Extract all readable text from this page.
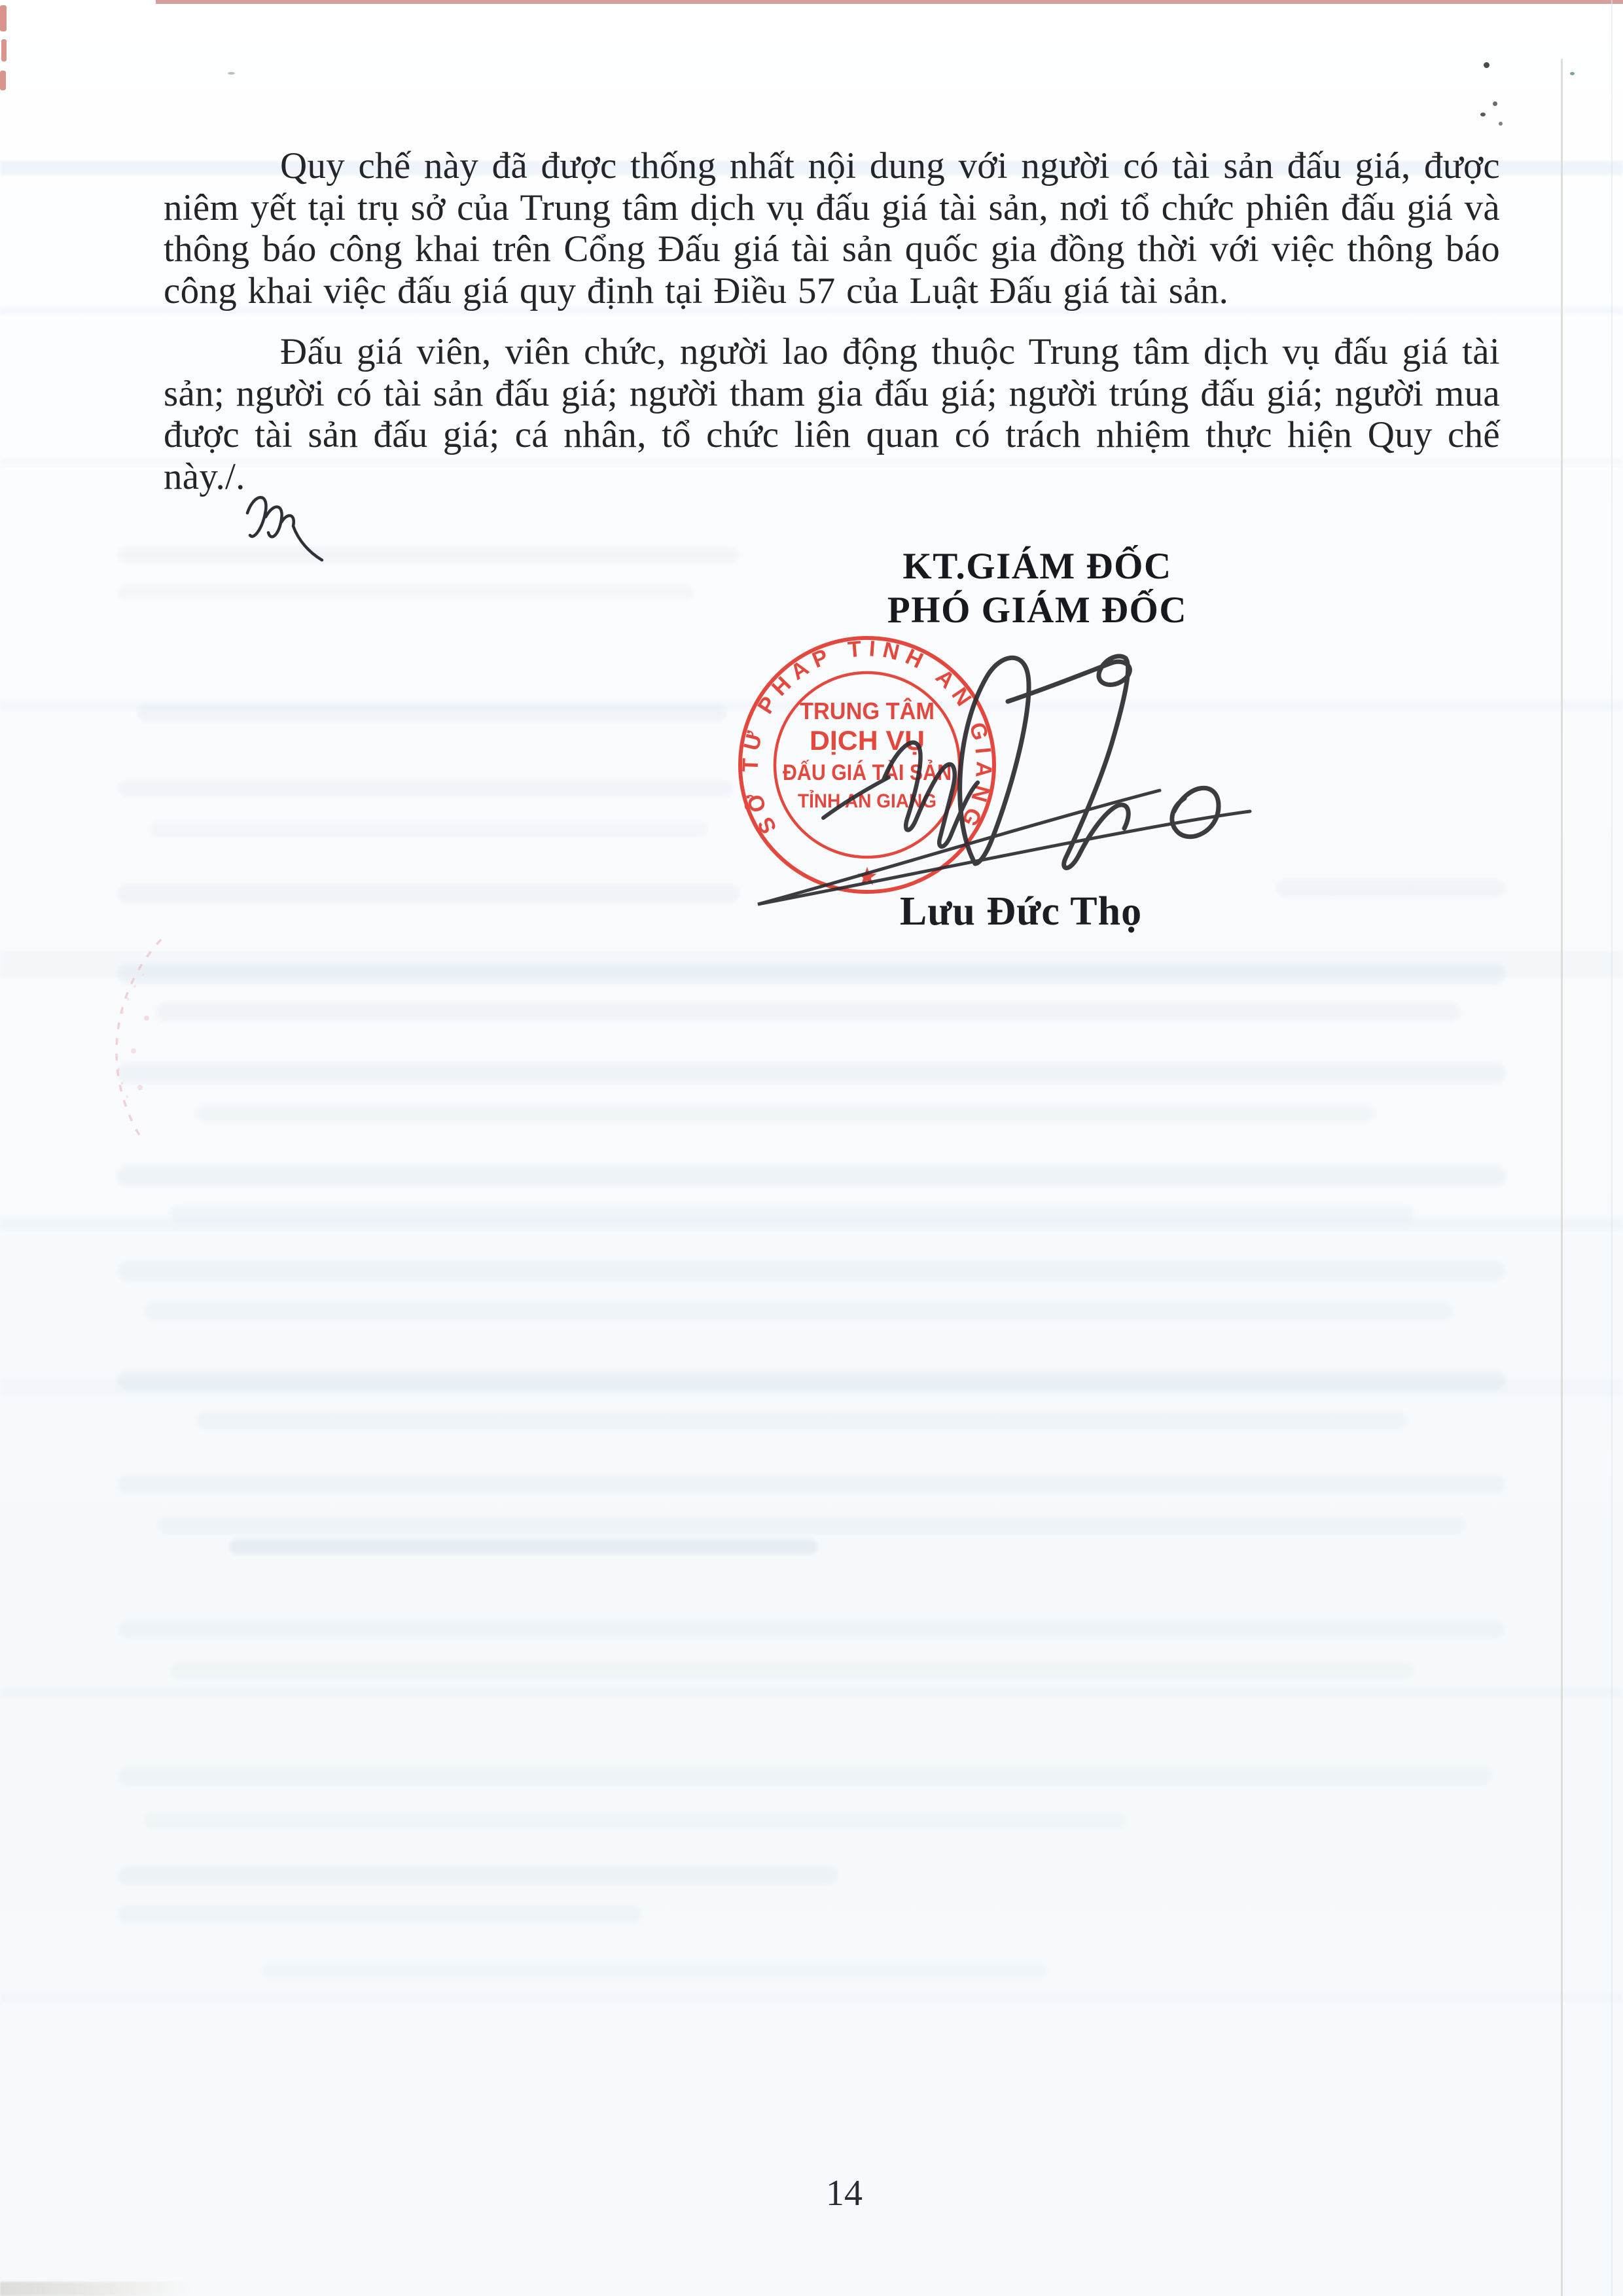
Quy chế này đã được thống nhất nội dung với người có tài sản đấu giá, được niêm yết tại trụ sở của Trung tâm dịch vụ đấu giá tài sản, nơi tổ chức phiên đấu giá và thông báo công khai trên Cổng Đấu giá tài sản quốc gia đồng thời với việc thông báo công khai việc đấu giá quy định tại Điều 57 của Luật Đấu giá tài sản.

Đấu giá viên, viên chức, người lao động thuộc Trung tâm dịch vụ đấu giá tài sản; người có tài sản đấu giá; người tham gia đấu giá; người trúng đấu giá; người mua được tài sản đấu giá; cá nhân, tổ chức liên quan có trách nhiệm thực hiện Quy chế này./.

KT.GIÁM ĐỐC
PHÓ GIÁM ĐỐC
SỞ TƯ PHÁP TỈNH AN GIANG
★
TRUNG TÂM
DỊCH VỤ
ĐẤU GIÁ TÀI SẢN
TỈNH AN GIANG
Lưu Đức Thọ
14
